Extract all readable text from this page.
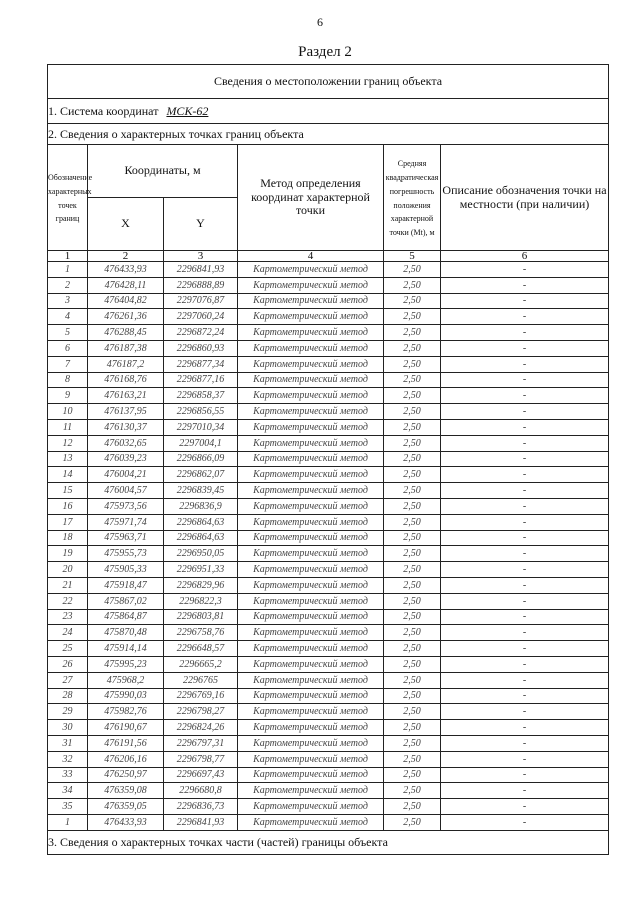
6
Раздел 2
Сведения о местоположении границ объекта					
1. Система координат МСК-62					
2. Сведения о характерных точках границ объекта					
Обозначение характерных точек границ	Координаты, м		Метод определения координат характерной точки	Средняя квадратическая погрешность положения характерной точки (Mt), м	Описание обозначения точки на местности (при наличии)
	X	Y			
1	2	3	4	5	6
1	476433,93	2296841,93	Картометрический метод	2,50	-
2	476428,11	2296888,89	Картометрический метод	2,50	-
3	476404,82	2297076,87	Картометрический метод	2,50	-
4	476261,36	2297060,24	Картометрический метод	2,50	-
5	476288,45	2296872,24	Картометрический метод	2,50	-
6	476187,38	2296860,93	Картометрический метод	2,50	-
7	476187,2	2296877,34	Картометрический метод	2,50	-
8	476168,76	2296877,16	Картометрический метод	2,50	-
9	476163,21	2296858,37	Картометрический метод	2,50	-
10	476137,95	2296856,55	Картометрический метод	2,50	-
11	476130,37	2297010,34	Картометрический метод	2,50	-
12	476032,65	2297004,1	Картометрический метод	2,50	-
13	476039,23	2296866,09	Картометрический метод	2,50	-
14	476004,21	2296862,07	Картометрический метод	2,50	-
15	476004,57	2296839,45	Картометрический метод	2,50	-
16	475973,56	2296836,9	Картометрический метод	2,50	-
17	475971,74	2296864,63	Картометрический метод	2,50	-
18	475963,71	2296864,63	Картометрический метод	2,50	-
19	475955,73	2296950,05	Картометрический метод	2,50	-
20	475905,33	2296951,33	Картометрический метод	2,50	-
21	475918,47	2296829,96	Картометрический метод	2,50	-
22	475867,02	2296822,3	Картометрический метод	2,50	-
23	475864,87	2296803,81	Картометрический метод	2,50	-
24	475870,48	2296758,76	Картометрический метод	2,50	-
25	475914,14	2296648,57	Картометрический метод	2,50	-
26	475995,23	2296665,2	Картометрический метод	2,50	-
27	475968,2	2296765	Картометрический метод	2,50	-
28	475990,03	2296769,16	Картометрический метод	2,50	-
29	475982,76	2296798,27	Картометрический метод	2,50	-
30	476190,67	2296824,26	Картометрический метод	2,50	-
31	476191,56	2296797,31	Картометрический метод	2,50	-
32	476206,16	2296798,77	Картометрический метод	2,50	-
33	476250,97	2296697,43	Картометрический метод	2,50	-
34	476359,08	2296680,8	Картометрический метод	2,50	-
35	476359,05	2296836,73	Картометрический метод	2,50	-
1	476433,93	2296841,93	Картометрический метод	2,50	-
3. Сведения о характерных точках части (частей) границы объекта					
